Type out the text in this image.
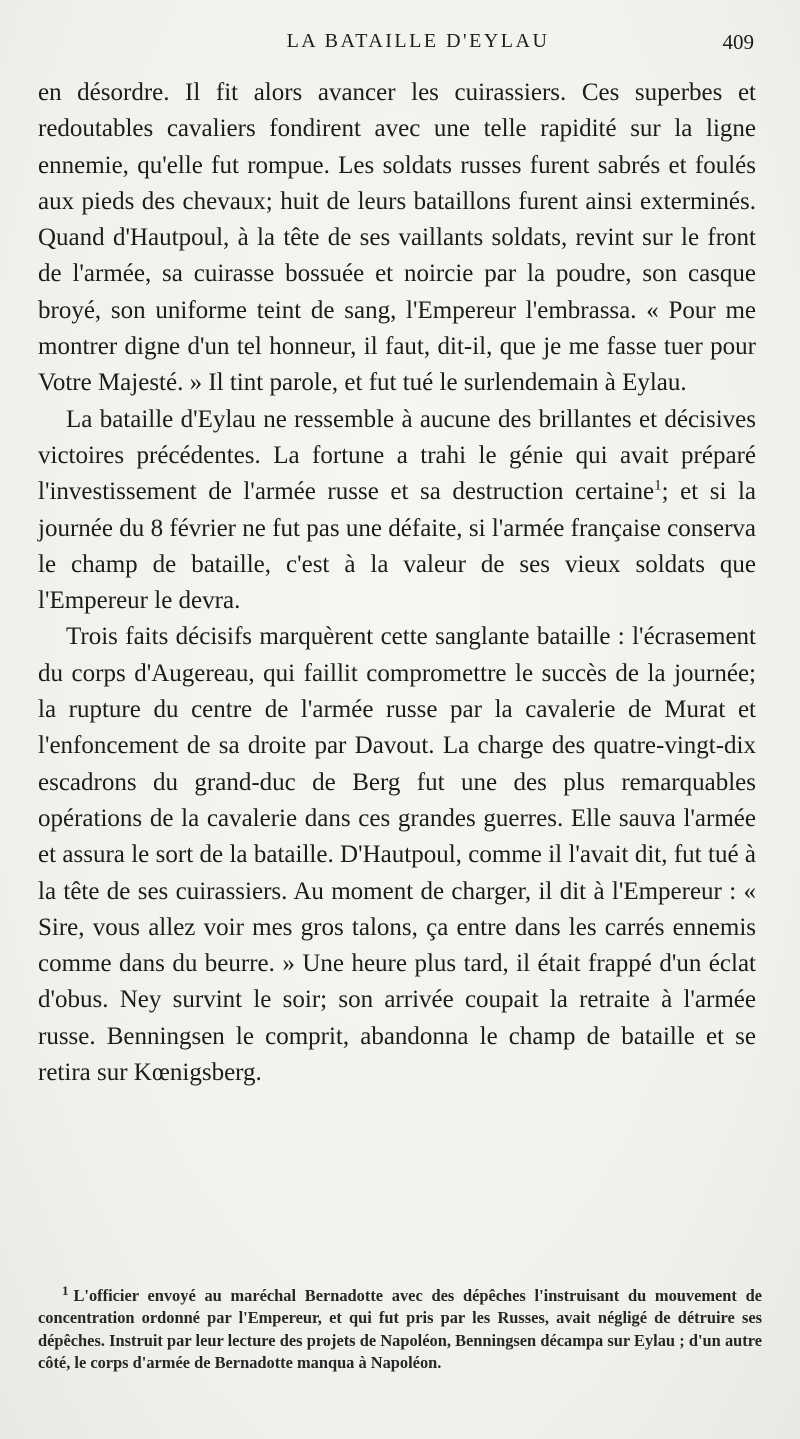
LA BATAILLE D'EYLAU	409

en désordre. Il fit alors avancer les cuirassiers. Ces superbes et redoutables cavaliers fondirent avec une telle rapidité sur la ligne ennemie, qu'elle fut rompue. Les soldats russes furent sabrés et foulés aux pieds des chevaux; huit de leurs bataillons furent ainsi exterminés. Quand d'Hautpoul, à la tête de ses vaillants soldats, revint sur le front de l'armée, sa cuirasse bossuée et noircie par la poudre, son casque broyé, son uniforme teint de sang, l'Empereur l'embrassa. « Pour me montrer digne d'un tel honneur, il faut, dit-il, que je me fasse tuer pour Votre Majesté. » Il tint parole, et fut tué le surlendemain à Eylau.

La bataille d'Eylau ne ressemble à aucune des brillantes et décisives victoires précédentes. La fortune a trahi le génie qui avait préparé l'investissement de l'armée russe et sa destruction certaine$^1$; et si la journée du 8 février ne fut pas une défaite, si l'armée française conserva le champ de bataille, c'est à la valeur de ses vieux soldats que l'Empereur le devra.

Trois faits décisifs marquèrent cette sanglante bataille : l'écrasement du corps d'Augereau, qui faillit compromettre le succès de la journée; la rupture du centre de l'armée russe par la cavalerie de Murat et l'enfoncement de sa droite par Davout. La charge des quatre-vingt-dix escadrons du grand-duc de Berg fut une des plus remarquables opérations de la cavalerie dans ces grandes guerres. Elle sauva l'armée et assura le sort de la bataille. D'Hautpoul, comme il l'avait dit, fut tué à la tête de ses cuirassiers. Au moment de charger, il dit à l'Empereur : « Sire, vous allez voir mes gros talons, ça entre dans les carrés ennemis comme dans du beurre. » Une heure plus tard, il était frappé d'un éclat d'obus. Ney survint le soir; son arrivée coupait la retraite à l'armée russe. Benningsen le comprit, abandonna le champ de bataille et se retira sur Kœnigsberg.

$^1$ L'officier envoyé au maréchal Bernadotte avec des dépêches l'instruisant du mouvement de concentration ordonné par l'Empereur, et qui fut pris par les Russes, avait négligé de détruire ses dépêches. Instruit par leur lecture des projets de Napoléon, Benningsen décampa sur Eylau ; d'un autre côté, le corps d'armée de Bernadotte manqua à Napoléon.
